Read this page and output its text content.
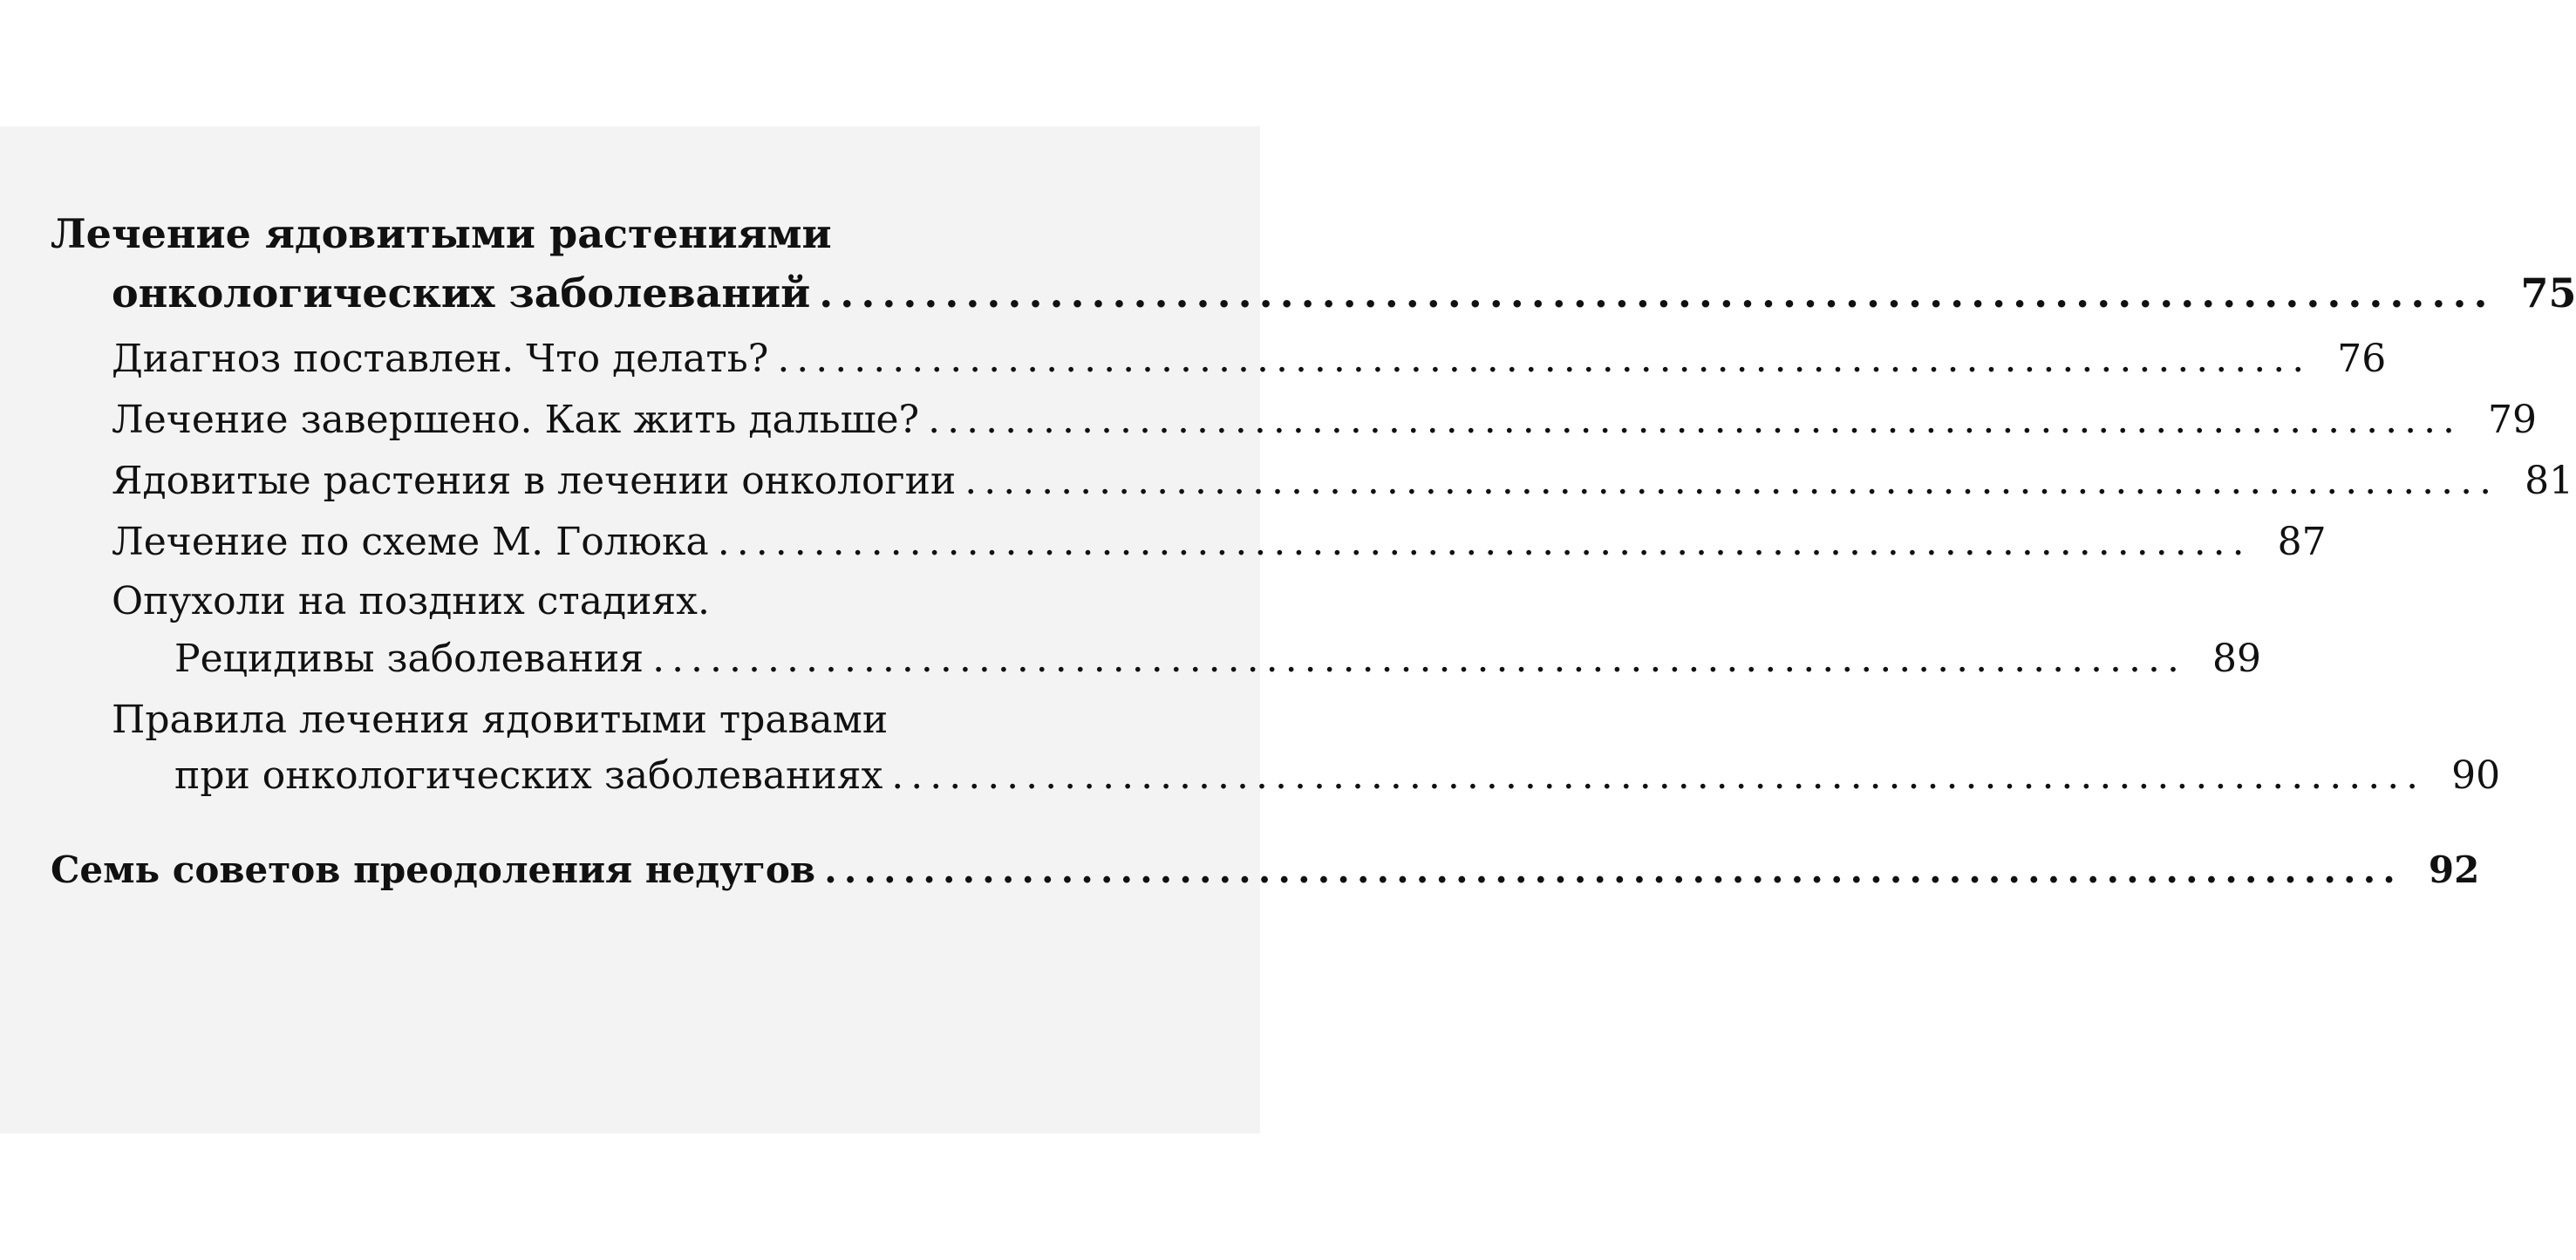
Лечение ядовитыми растениями
онкологических заболеваний ................................................................................ 75
Диагноз поставлен. Что делать? ................................................................................ 76
Лечение завершено. Как жить дальше? ................................................................................ 79
Ядовитые растения в лечении онкологии ................................................................................ 81
Лечение по схеме М. Голюка ................................................................................ 87
Опухоли на поздних стадиях.
Рецидивы заболевания ................................................................................ 89
Правила лечения ядовитыми травами
при онкологических заболеваниях ................................................................................ 90
Семь советов преодоления недугов ................................................................................ 92
